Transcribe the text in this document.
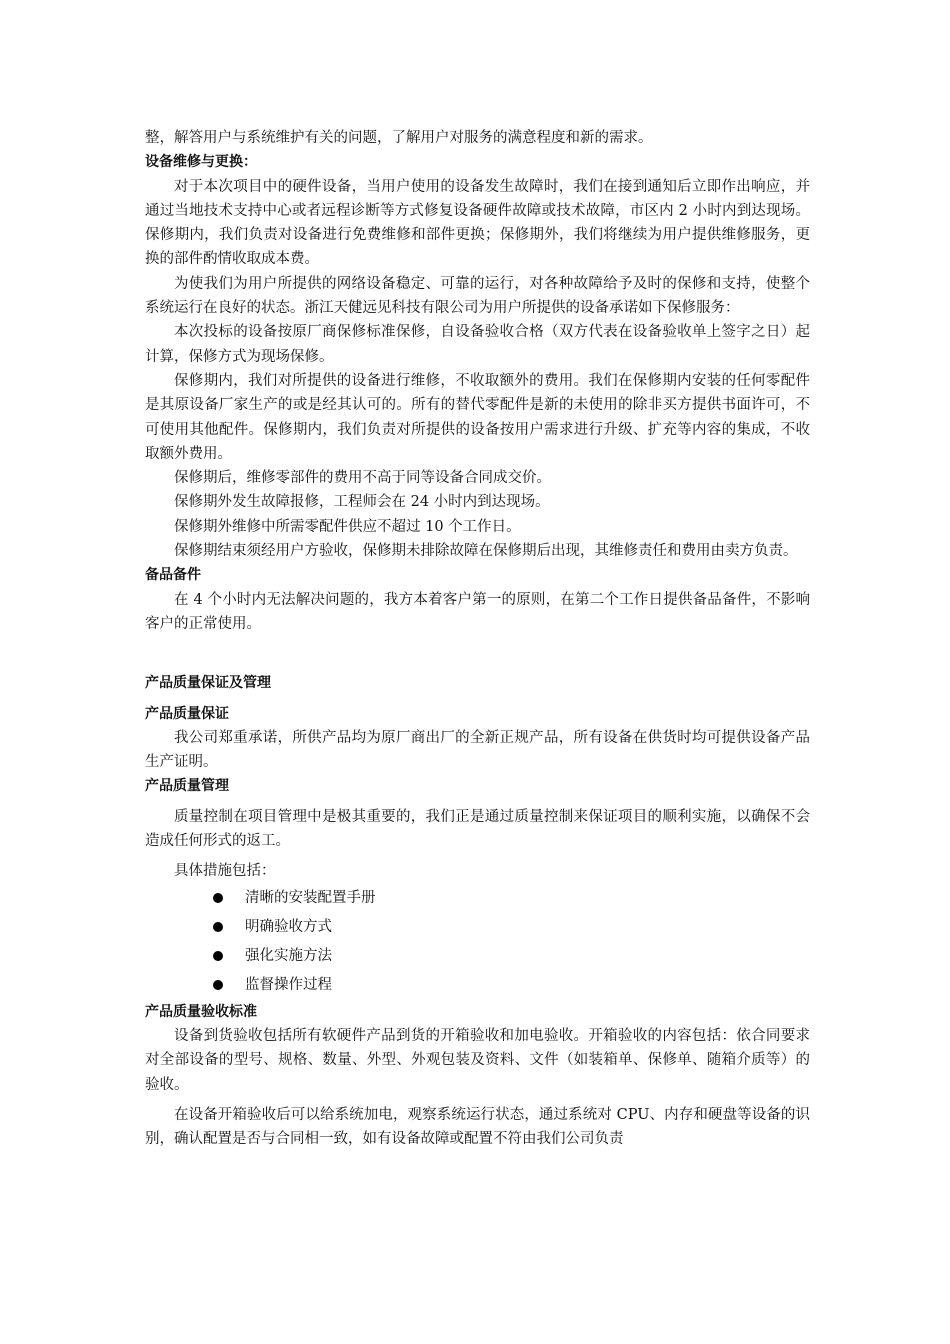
整，解答用户与系统维护有关的问题，了解用户对服务的满意程度和新的需求。

设备维修与更换：

对于本次项目中的硬件设备，当用户使用的设备发生故障时，我们在接到通知后立即作出响应，并通过当地技术支持中心或者远程诊断等方式修复设备硬件故障或技术故障，市区内 2 小时内到达现场。保修期内，我们负责对设备进行免费维修和部件更换；保修期外，我们将继续为用户提供维修服务，更换的部件酌情收取成本费。

为使我们为用户所提供的网络设备稳定、可靠的运行，对各种故障给予及时的保修和支持，使整个系统运行在良好的状态。浙江天健远见科技有限公司为用户所提供的设备承诺如下保修服务：

本次投标的设备按原厂商保修标准保修，自设备验收合格（双方代表在设备验收单上签字之日）起计算，保修方式为现场保修。

保修期内，我们对所提供的设备进行维修，不收取额外的费用。我们在保修期内安装的任何零配件是其原设备厂家生产的或是经其认可的。所有的替代零配件是新的未使用的除非买方提供书面许可，不可使用其他配件。保修期内，我们负责对所提供的设备按用户需求进行升级、扩充等内容的集成，不收取额外费用。

保修期后，维修零部件的费用不高于同等设备合同成交价。

保修期外发生故障报修，工程师会在 24 小时内到达现场。

保修期外维修中所需零配件供应不超过 10 个工作日。

保修期结束须经用户方验收，保修期未排除故障在保修期后出现，其维修责任和费用由卖方负责。

备品备件

在 4 个小时内无法解决问题的，我方本着客户第一的原则，在第二个工作日提供备品备件，不影响客户的正常使用。

产品质量保证及管理

产品质量保证

我公司郑重承诺，所供产品均为原厂商出厂的全新正规产品，所有设备在供货时均可提供设备产品生产证明。

产品质量管理

质量控制在项目管理中是极其重要的，我们正是通过质量控制来保证项目的顺利实施，以确保不会造成任何形式的返工。

具体措施包括：

清晰的安装配置手册

明确验收方式

强化实施方法

监督操作过程

产品质量验收标准

设备到货验收包括所有软硬件产品到货的开箱验收和加电验收。开箱验收的内容包括：依合同要求对全部设备的型号、规格、数量、外型、外观包装及资料、文件（如装箱单、保修单、随箱介质等）的验收。

在设备开箱验收后可以给系统加电，观察系统运行状态，通过系统对 CPU、内存和硬盘等设备的识别，确认配置是否与合同相一致，如有设备故障或配置不符由我们公司负责
